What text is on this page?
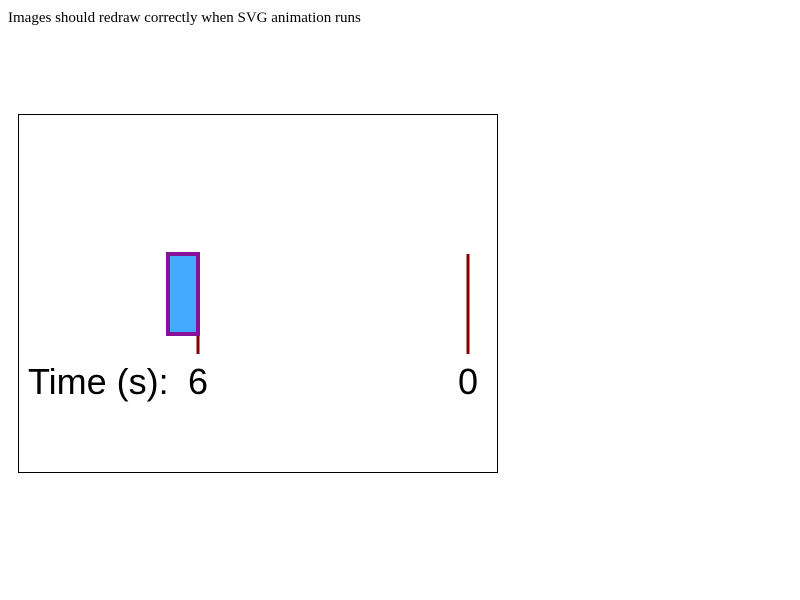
Images should redraw correctly when SVG animation runs

Time (s): 6	0
